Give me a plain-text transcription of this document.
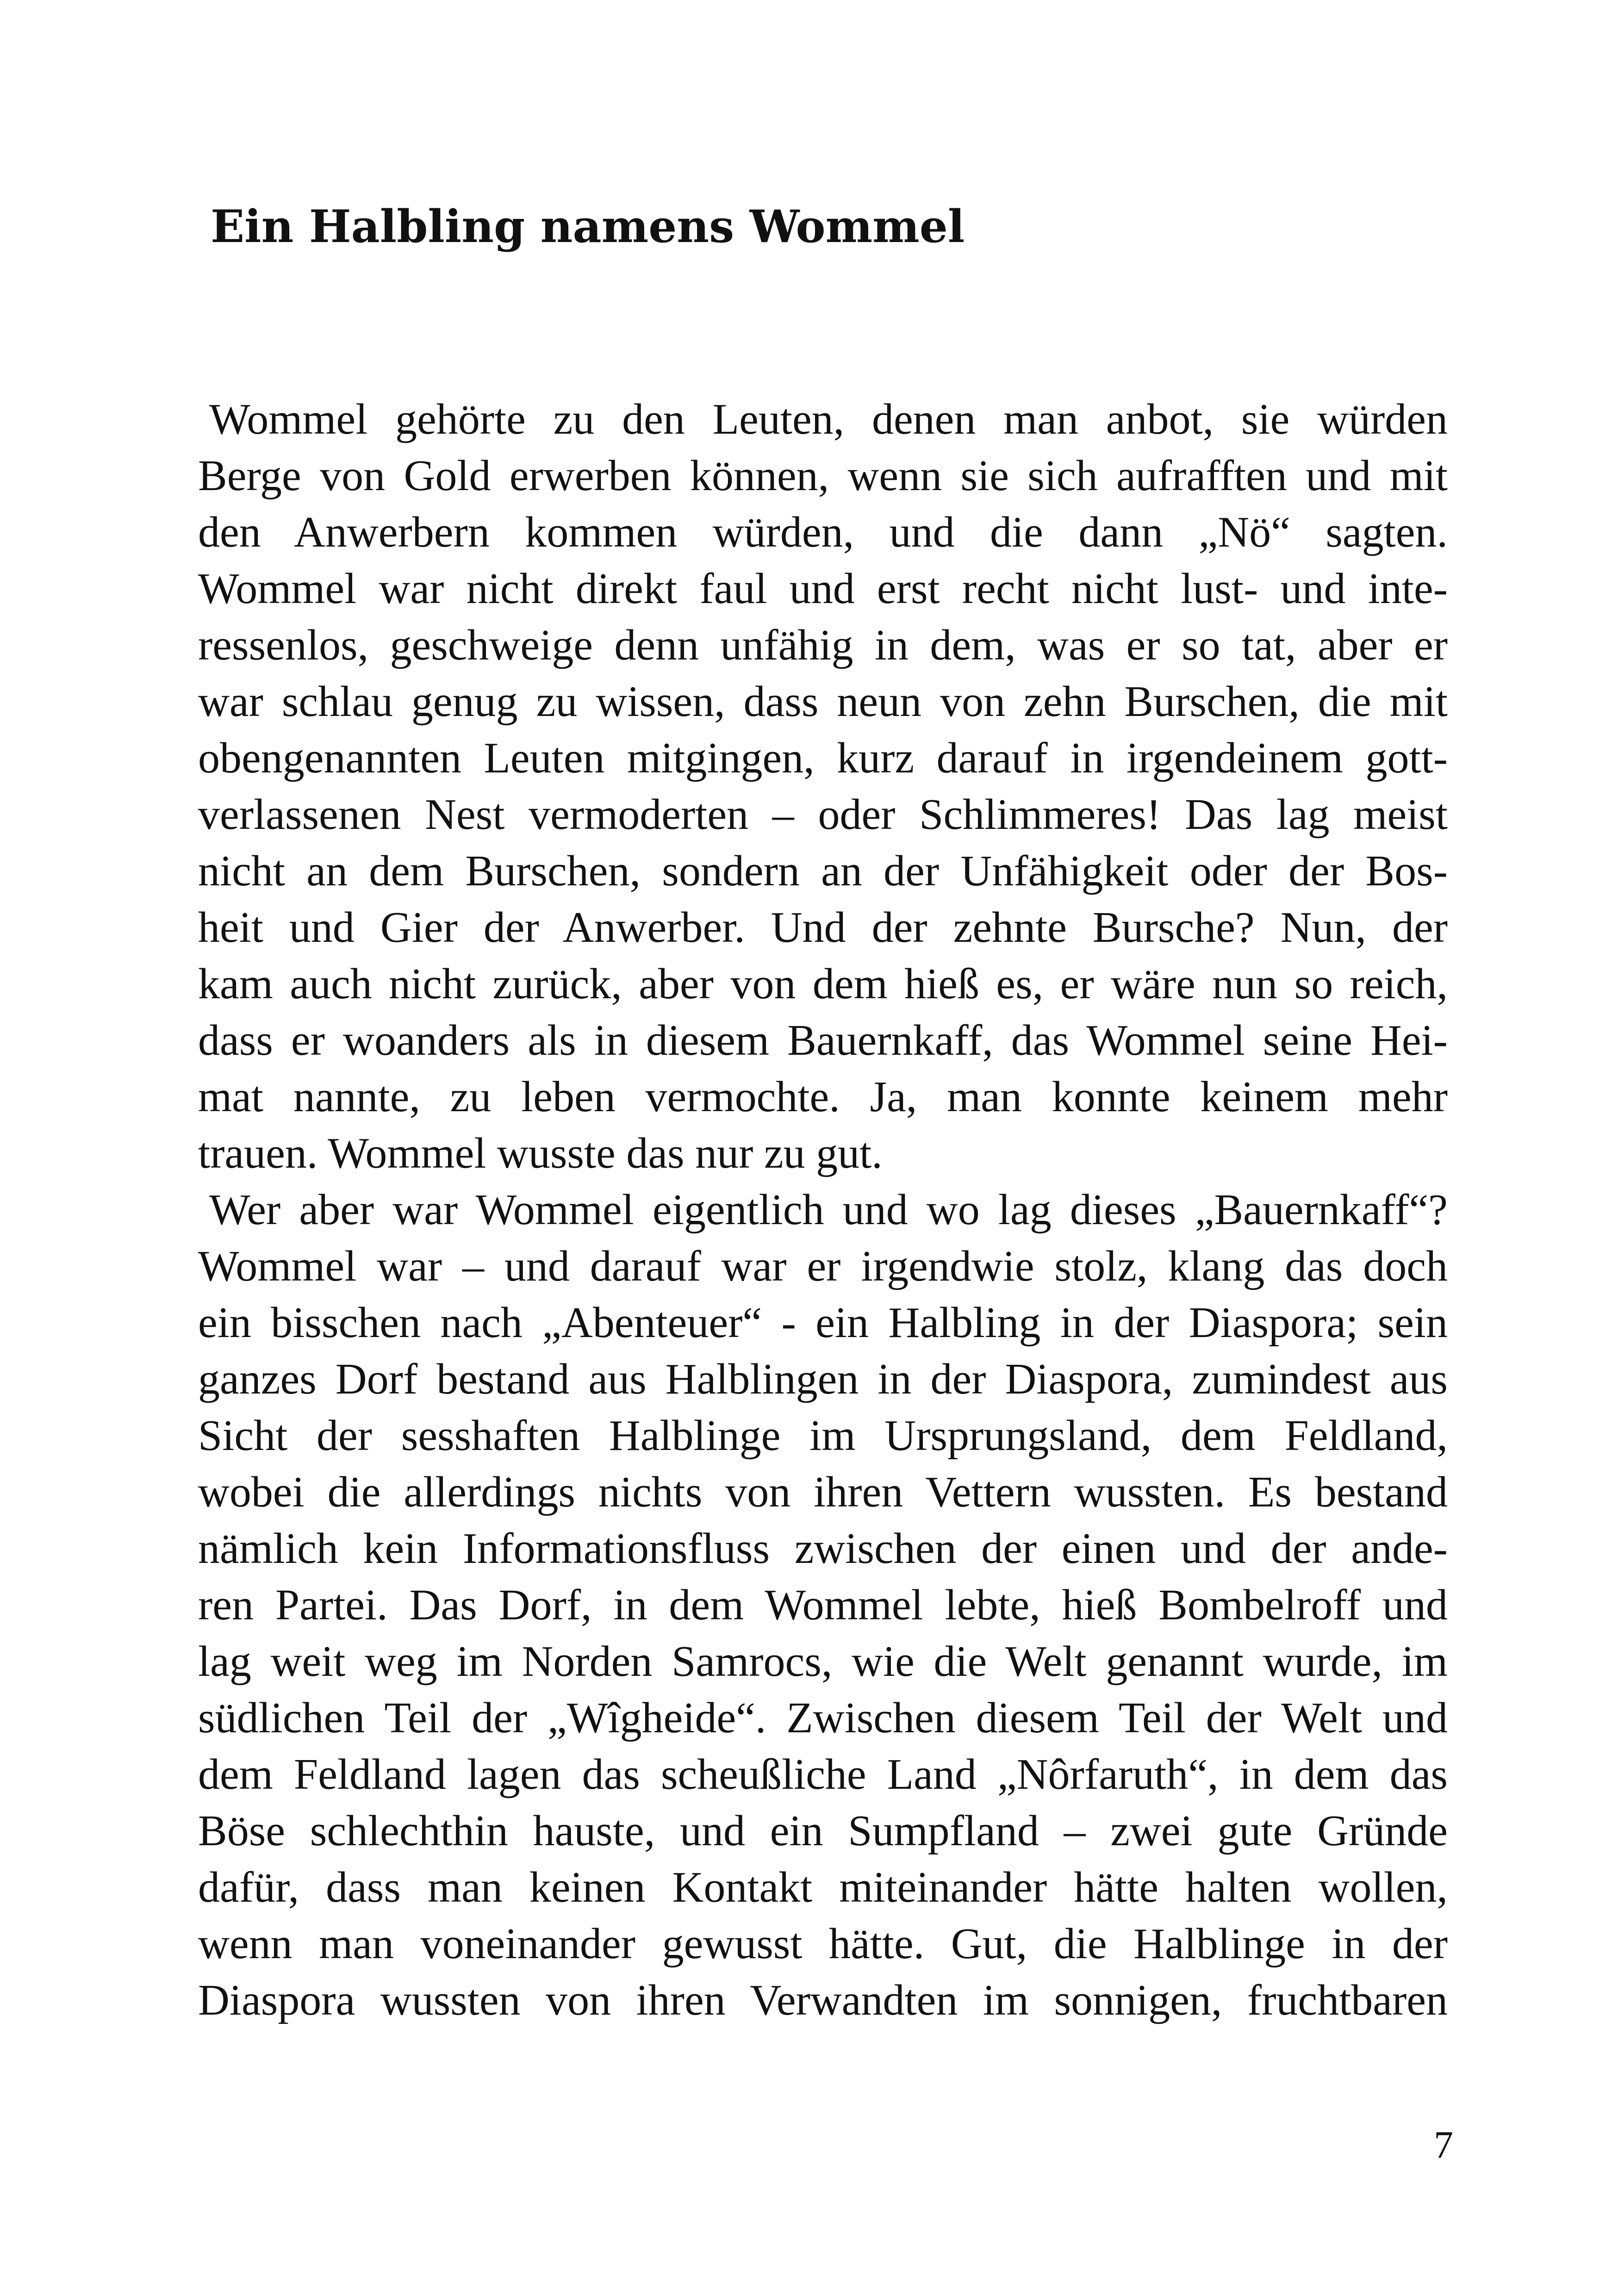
Ein Halbling namens Wommel

Wommel gehörte zu den Leuten, denen man anbot, sie würden
Berge von Gold erwerben können, wenn sie sich aufrafften und mit
den Anwerbern kommen würden, und die dann „Nö“ sagten.
Wommel war nicht direkt faul und erst recht nicht lust- und inte-
ressenlos, geschweige denn unfähig in dem, was er so tat, aber er
war schlau genug zu wissen, dass neun von zehn Burschen, die mit
obengenannten Leuten mitgingen, kurz darauf in irgendeinem gott-
verlassenen Nest vermoderten – oder Schlimmeres! Das lag meist
nicht an dem Burschen, sondern an der Unfähigkeit oder der Bos-
heit und Gier der Anwerber. Und der zehnte Bursche? Nun, der
kam auch nicht zurück, aber von dem hieß es, er wäre nun so reich,
dass er woanders als in diesem Bauernkaff, das Wommel seine Hei-
mat nannte, zu leben vermochte. Ja, man konnte keinem mehr
trauen. Wommel wusste das nur zu gut.

Wer aber war Wommel eigentlich und wo lag dieses „Bauernkaff“?
Wommel war – und darauf war er irgendwie stolz, klang das doch
ein bisschen nach „Abenteuer“ - ein Halbling in der Diaspora; sein
ganzes Dorf bestand aus Halblingen in der Diaspora, zumindest aus
Sicht der sesshaften Halblinge im Ursprungsland, dem Feldland,
wobei die allerdings nichts von ihren Vettern wussten. Es bestand
nämlich kein Informationsfluss zwischen der einen und der ande-
ren Partei. Das Dorf, in dem Wommel lebte, hieß Bombelroff und
lag weit weg im Norden Samrocs, wie die Welt genannt wurde, im
südlichen Teil der „Wîgheide“. Zwischen diesem Teil der Welt und
dem Feldland lagen das scheußliche Land „Nôrfaruth“, in dem das
Böse schlechthin hauste, und ein Sumpfland – zwei gute Gründe
dafür, dass man keinen Kontakt miteinander hätte halten wollen,
wenn man voneinander gewusst hätte. Gut, die Halblinge in der
Diaspora wussten von ihren Verwandten im sonnigen, fruchtbaren

7
